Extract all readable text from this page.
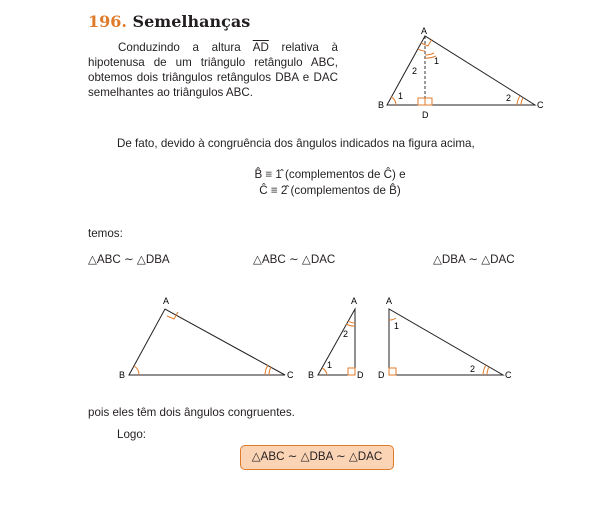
196. Semelhanças

Conduzindo a altura $\overline{AD}$ relativa à hipotenusa de um triângulo retângulo ABC, obtemos dois triângulos retângulos DBA e DAC semelhantes ao triângulos ABC.

A
B	C
D
1
2
1	2
De fato, devido à congruência dos ângulos indicados na figura acima,
B̂ ≡ 1̂ (complementos de Ĉ) e
Ĉ ≡ 2̂ (complementos de B̂)
temos:
△ABC ∼ △DBA	△ABC ∼ △DAC	△DBA ∼ △DAC
A
B	C
A
B	D
2
1
A
D	C
1
2
pois eles têm dois ângulos congruentes.
Logo:
△ABC ∼ △DBA ∼ △DAC
